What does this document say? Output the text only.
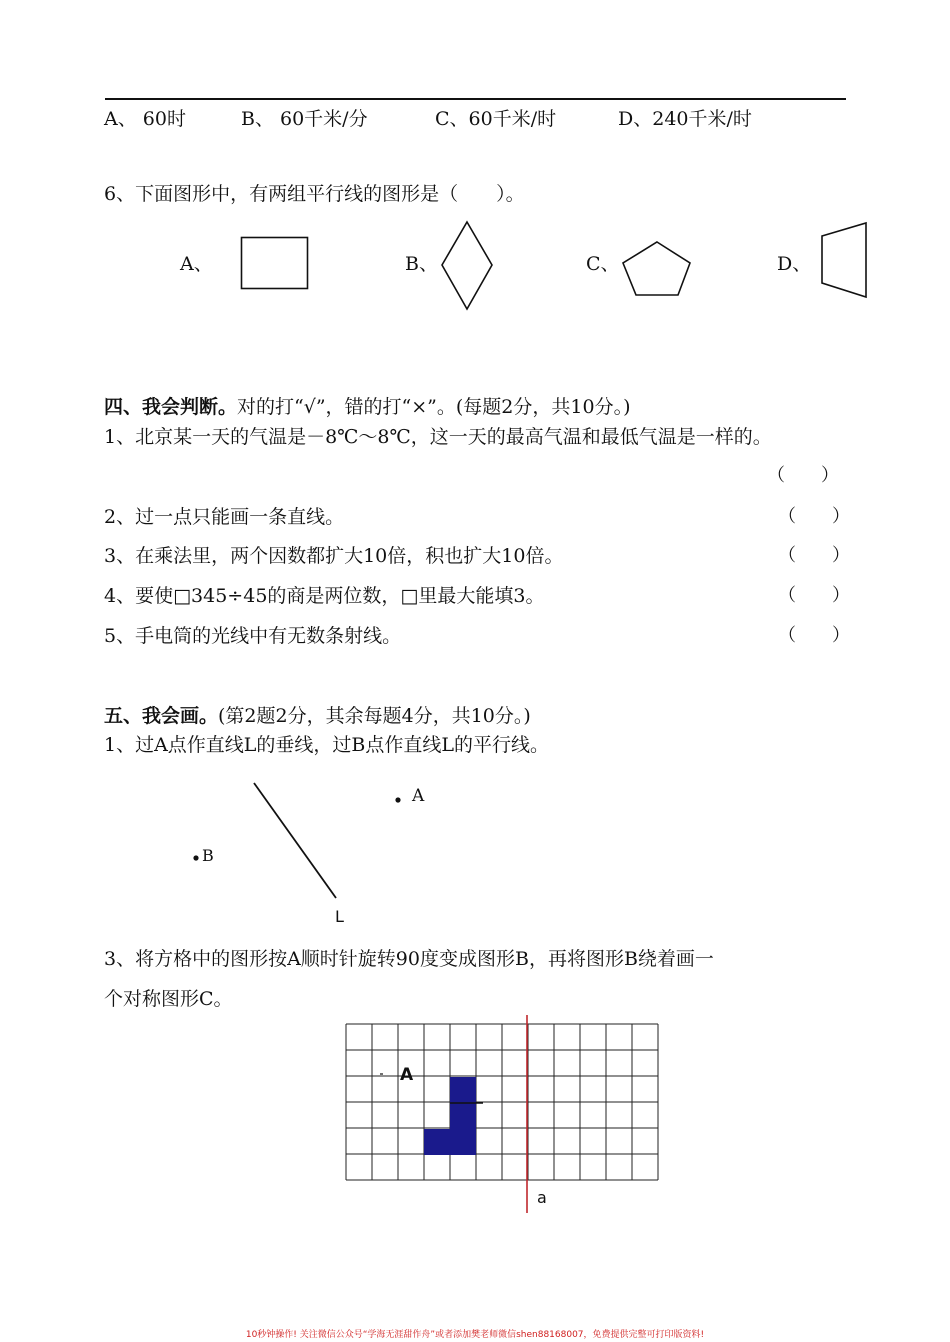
A、 60时	B、 60千米/分	C、60千米/时	D、240千米/时
6、下面图形中，有两组平行线的图形是（　　）。
A、	B、	C、	D、
四、我会判断。对的打“√”，错的打“×”。(每题2分，共10分。)
1、北京某一天的气温是－8℃～8℃，这一天的最高气温和最低气温是一样的。
（　　）
2、过一点只能画一条直线。	（　　）
3、在乘法里，两个因数都扩大10倍，积也扩大10倍。	（　　）
4、要使□345÷45的商是两位数，□里最大能填3。	（　　）
5、手电筒的光线中有无数条射线。	（　　）
五、我会画。(第2题2分，其余每题4分，共10分。)
1、过A点作直线L的垂线，过B点作直线L的平行线。
A
B
L
3、将方格中的图形按A顺时针旋转90度变成图形B，再将图形B绕着画一
个对称图形C。
A
a
10秒钟操作! 关注微信公众号“学海无涯甜作舟”或者添加樊老师微信shen88168007，免费提供完整可打印版资料!
